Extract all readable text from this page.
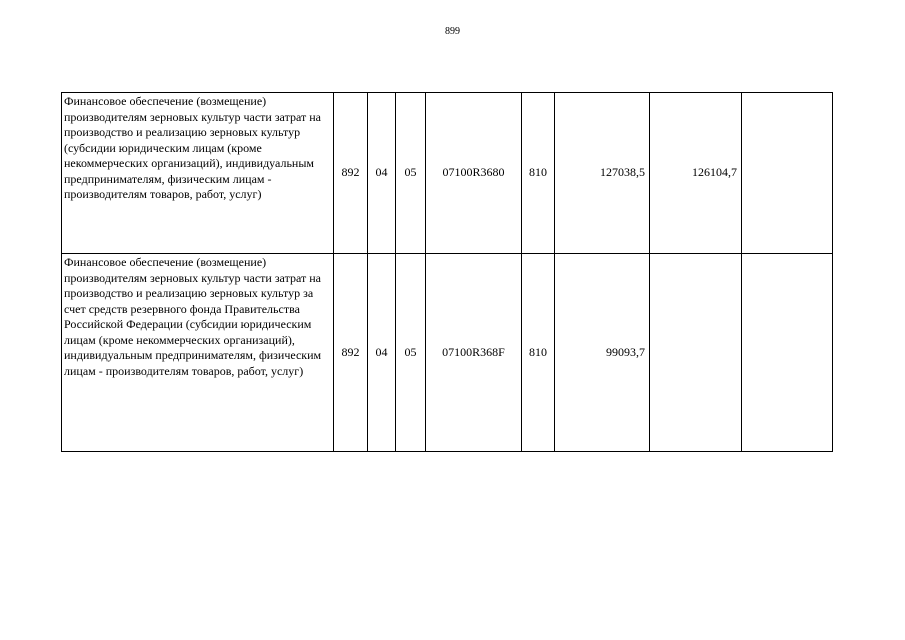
899
Финансовое обеспечение (возмещение) производителям зерновых культур части затрат на производство и реализацию зерновых культур (субсидии юридическим лицам (кроме некоммерческих организаций), индивидуальным предпринимателям, физическим лицам - производителям товаров, работ, услуг)	892	04	05	07100R3680	810	127038,5	126104,7	
Финансовое обеспечение (возмещение) производителям зерновых культур части затрат на производство и реализацию зерновых культур за счет средств резервного фонда Правительства Российской Федерации (субсидии юридическим лицам (кроме некоммерческих организаций), индивидуальным предпринимателям, физическим лицам - производителям товаров, работ, услуг)	892	04	05	07100R368F	810	99093,7		
